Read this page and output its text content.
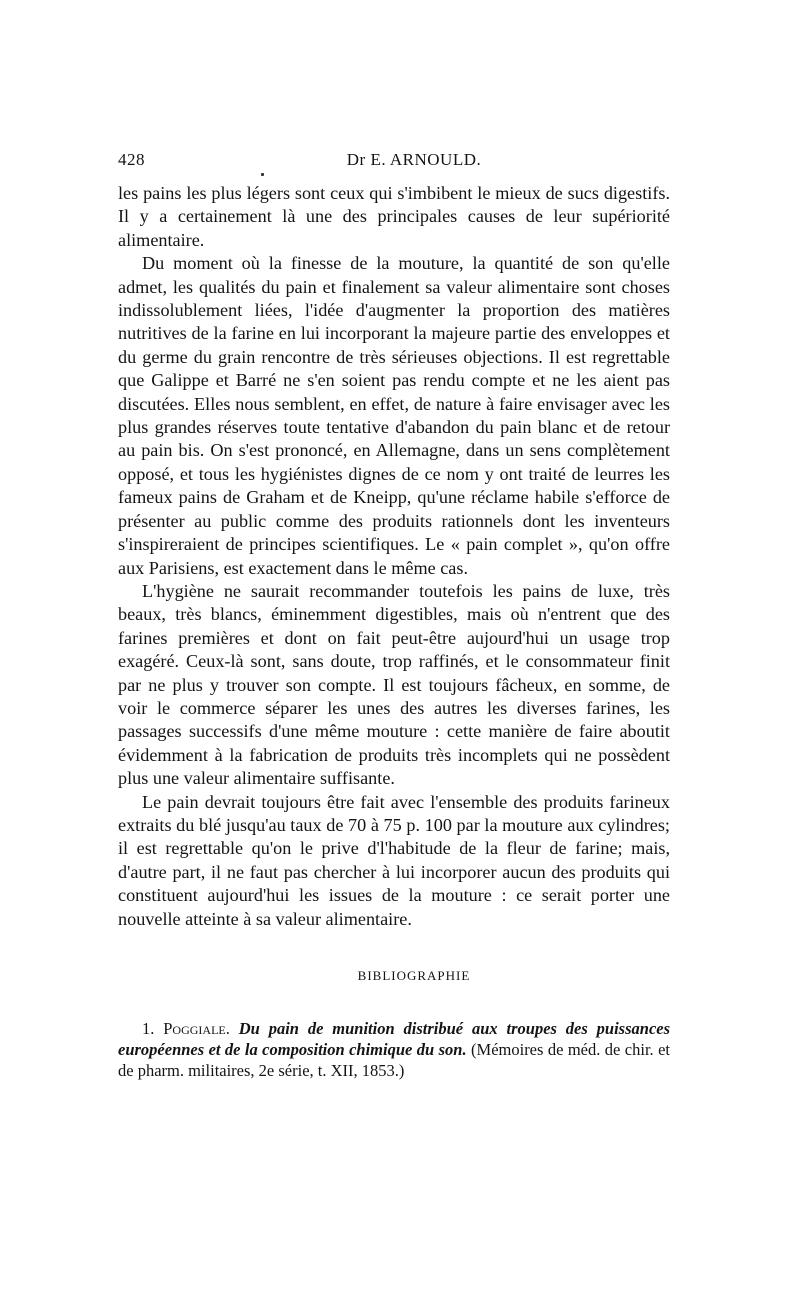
428	Dr E. ARNOULD.

les pains les plus légers sont ceux qui s'imbibent le mieux de sucs digestifs. Il y a certainement là une des principales causes de leur supériorité alimentaire.

Du moment où la finesse de la mouture, la quantité de son qu'elle admet, les qualités du pain et finalement sa valeur alimentaire sont choses indissolublement liées, l'idée d'augmenter la proportion des matières nutritives de la farine en lui incorporant la majeure partie des enveloppes et du germe du grain rencontre de très sérieuses objections. Il est regrettable que Galippe et Barré ne s'en soient pas rendu compte et ne les aient pas discutées. Elles nous semblent, en effet, de nature à faire envisager avec les plus grandes réserves toute tentative d'abandon du pain blanc et de retour au pain bis. On s'est prononcé, en Allemagne, dans un sens complètement opposé, et tous les hygiénistes dignes de ce nom y ont traité de leurres les fameux pains de Graham et de Kneipp, qu'une réclame habile s'efforce de présenter au public comme des produits rationnels dont les inventeurs s'inspireraient de principes scientifiques. Le « pain complet », qu'on offre aux Parisiens, est exactement dans le même cas.

L'hygiène ne saurait recommander toutefois les pains de luxe, très beaux, très blancs, éminemment digestibles, mais où n'entrent que des farines premières et dont on fait peut-être aujourd'hui un usage trop exagéré. Ceux-là sont, sans doute, trop raffinés, et le consommateur finit par ne plus y trouver son compte. Il est toujours fâcheux, en somme, de voir le commerce séparer les unes des autres les diverses farines, les passages successifs d'une même mouture : cette manière de faire aboutit évidemment à la fabrication de produits très incomplets qui ne possèdent plus une valeur alimentaire suffisante.

Le pain devrait toujours être fait avec l'ensemble des produits farineux extraits du blé jusqu'au taux de 70 à 75 p. 100 par la mouture aux cylindres; il est regrettable qu'on le prive d'l'habitude de la fleur de farine; mais, d'autre part, il ne faut pas chercher à lui incorporer aucun des produits qui constituent aujourd'hui les issues de la mouture : ce serait porter une nouvelle atteinte à sa valeur alimentaire.

BIBLIOGRAPHIE

1. Poggiale. Du pain de munition distribué aux troupes des puissances européennes et de la composition chimique du son. (Mémoires de méd. de chir. et de pharm. militaires, 2e série, t. XII, 1853.)
